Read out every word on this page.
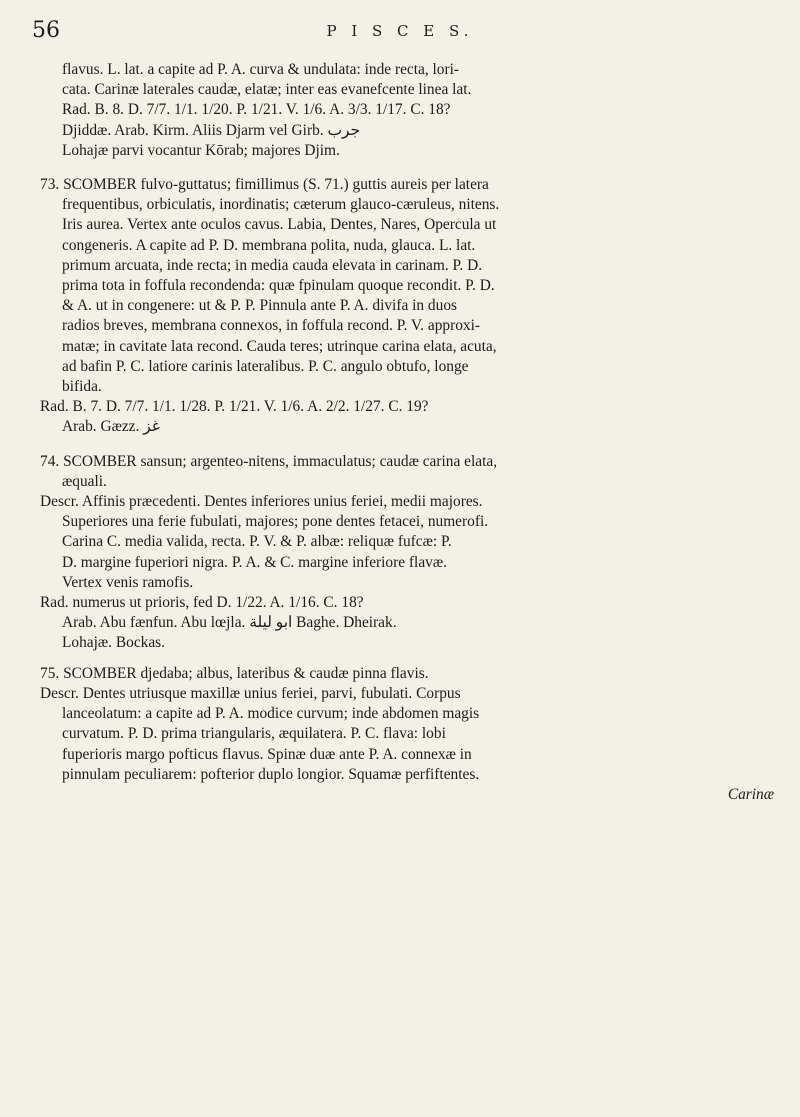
56	P I S C E S.
flavus. L. lat. a capite ad P. A. curva & undulata: inde recta, lori-
cata. Carinæ laterales caudæ, elatæ; inter eas evanefcente linea lat.
Rad. B. 8. D. 7/7. 1/1. 1/20. P. 1/21. V. 1/6. A. 3/3. 1/17. C. 18?
Djiddæ. Arab. Kirm. Aliis Djarm vel Girb. جرب
Lohajæ parvi vocantur Kōrab; majores Djim.
73. SCOMBER fulvo-guttatus; fimillimus (S. 71.) guttis aureis per latera
frequentibus, orbiculatis, inordinatis; cæterum glauco-cæruleus, nitens.
Iris aurea. Vertex ante oculos cavus. Labia, Dentes, Nares, Opercula ut
congeneris. A capite ad P. D. membrana polita, nuda, glauca. L. lat.
primum arcuata, inde recta; in media cauda elevata in carinam. P. D.
prima tota in foffula recondenda: quæ fpinulam quoque recondit. P. D.
& A. ut in congenere: ut & P. P. Pinnula ante P. A. divifa in duos
radios breves, membrana connexos, in foffula recond. P. V. approxi-
matæ; in cavitate lata recond. Cauda teres; utrinque carina elata, acuta,
ad bafin P. C. latiore carinis lateralibus. P. C. angulo obtufo, longe
bifida.
Rad. B. 7. D. 7/7. 1/1. 1/28. P. 1/21. V. 1/6. A. 2/2. 1/27. C. 19?
Arab. Gæzz. غز
74. SCOMBER sansun; argenteo-nitens, immaculatus; caudæ carina elata,
æquali.
Descr. Affinis præcedenti. Dentes inferiores unius feriei, medii majores.
Superiores una ferie fubulati, majores; pone dentes fetacei, numerofi.
Carina C. media valida, recta. P. V. & P. albæ: reliquæ fufcæ: P.
D. margine fuperiori nigra. P. A. & C. margine inferiore flavæ.
Vertex venis ramofis.
Rad. numerus ut prioris, fed D. 1/22. A. 1/16. C. 18?
Arab. Abu fænfun. Abu lœjla. ابو ليلة Baghe. Dheirak.
Lohajæ. Bockas.
75. SCOMBER djedaba; albus, lateribus & caudæ pinna flavis.
Descr. Dentes utriusque maxillæ unius feriei, parvi, fubulati. Corpus
lanceolatum: a capite ad P. A. modice curvum; inde abdomen magis
curvatum. P. D. prima triangularis, æquilatera. P. C. flava: lobi
fuperioris margo pofticus flavus. Spinæ duæ ante P. A. connexæ in
pinnulam peculiarem: pofterior duplo longior. Squamæ perfiftentes.
Carinæ
